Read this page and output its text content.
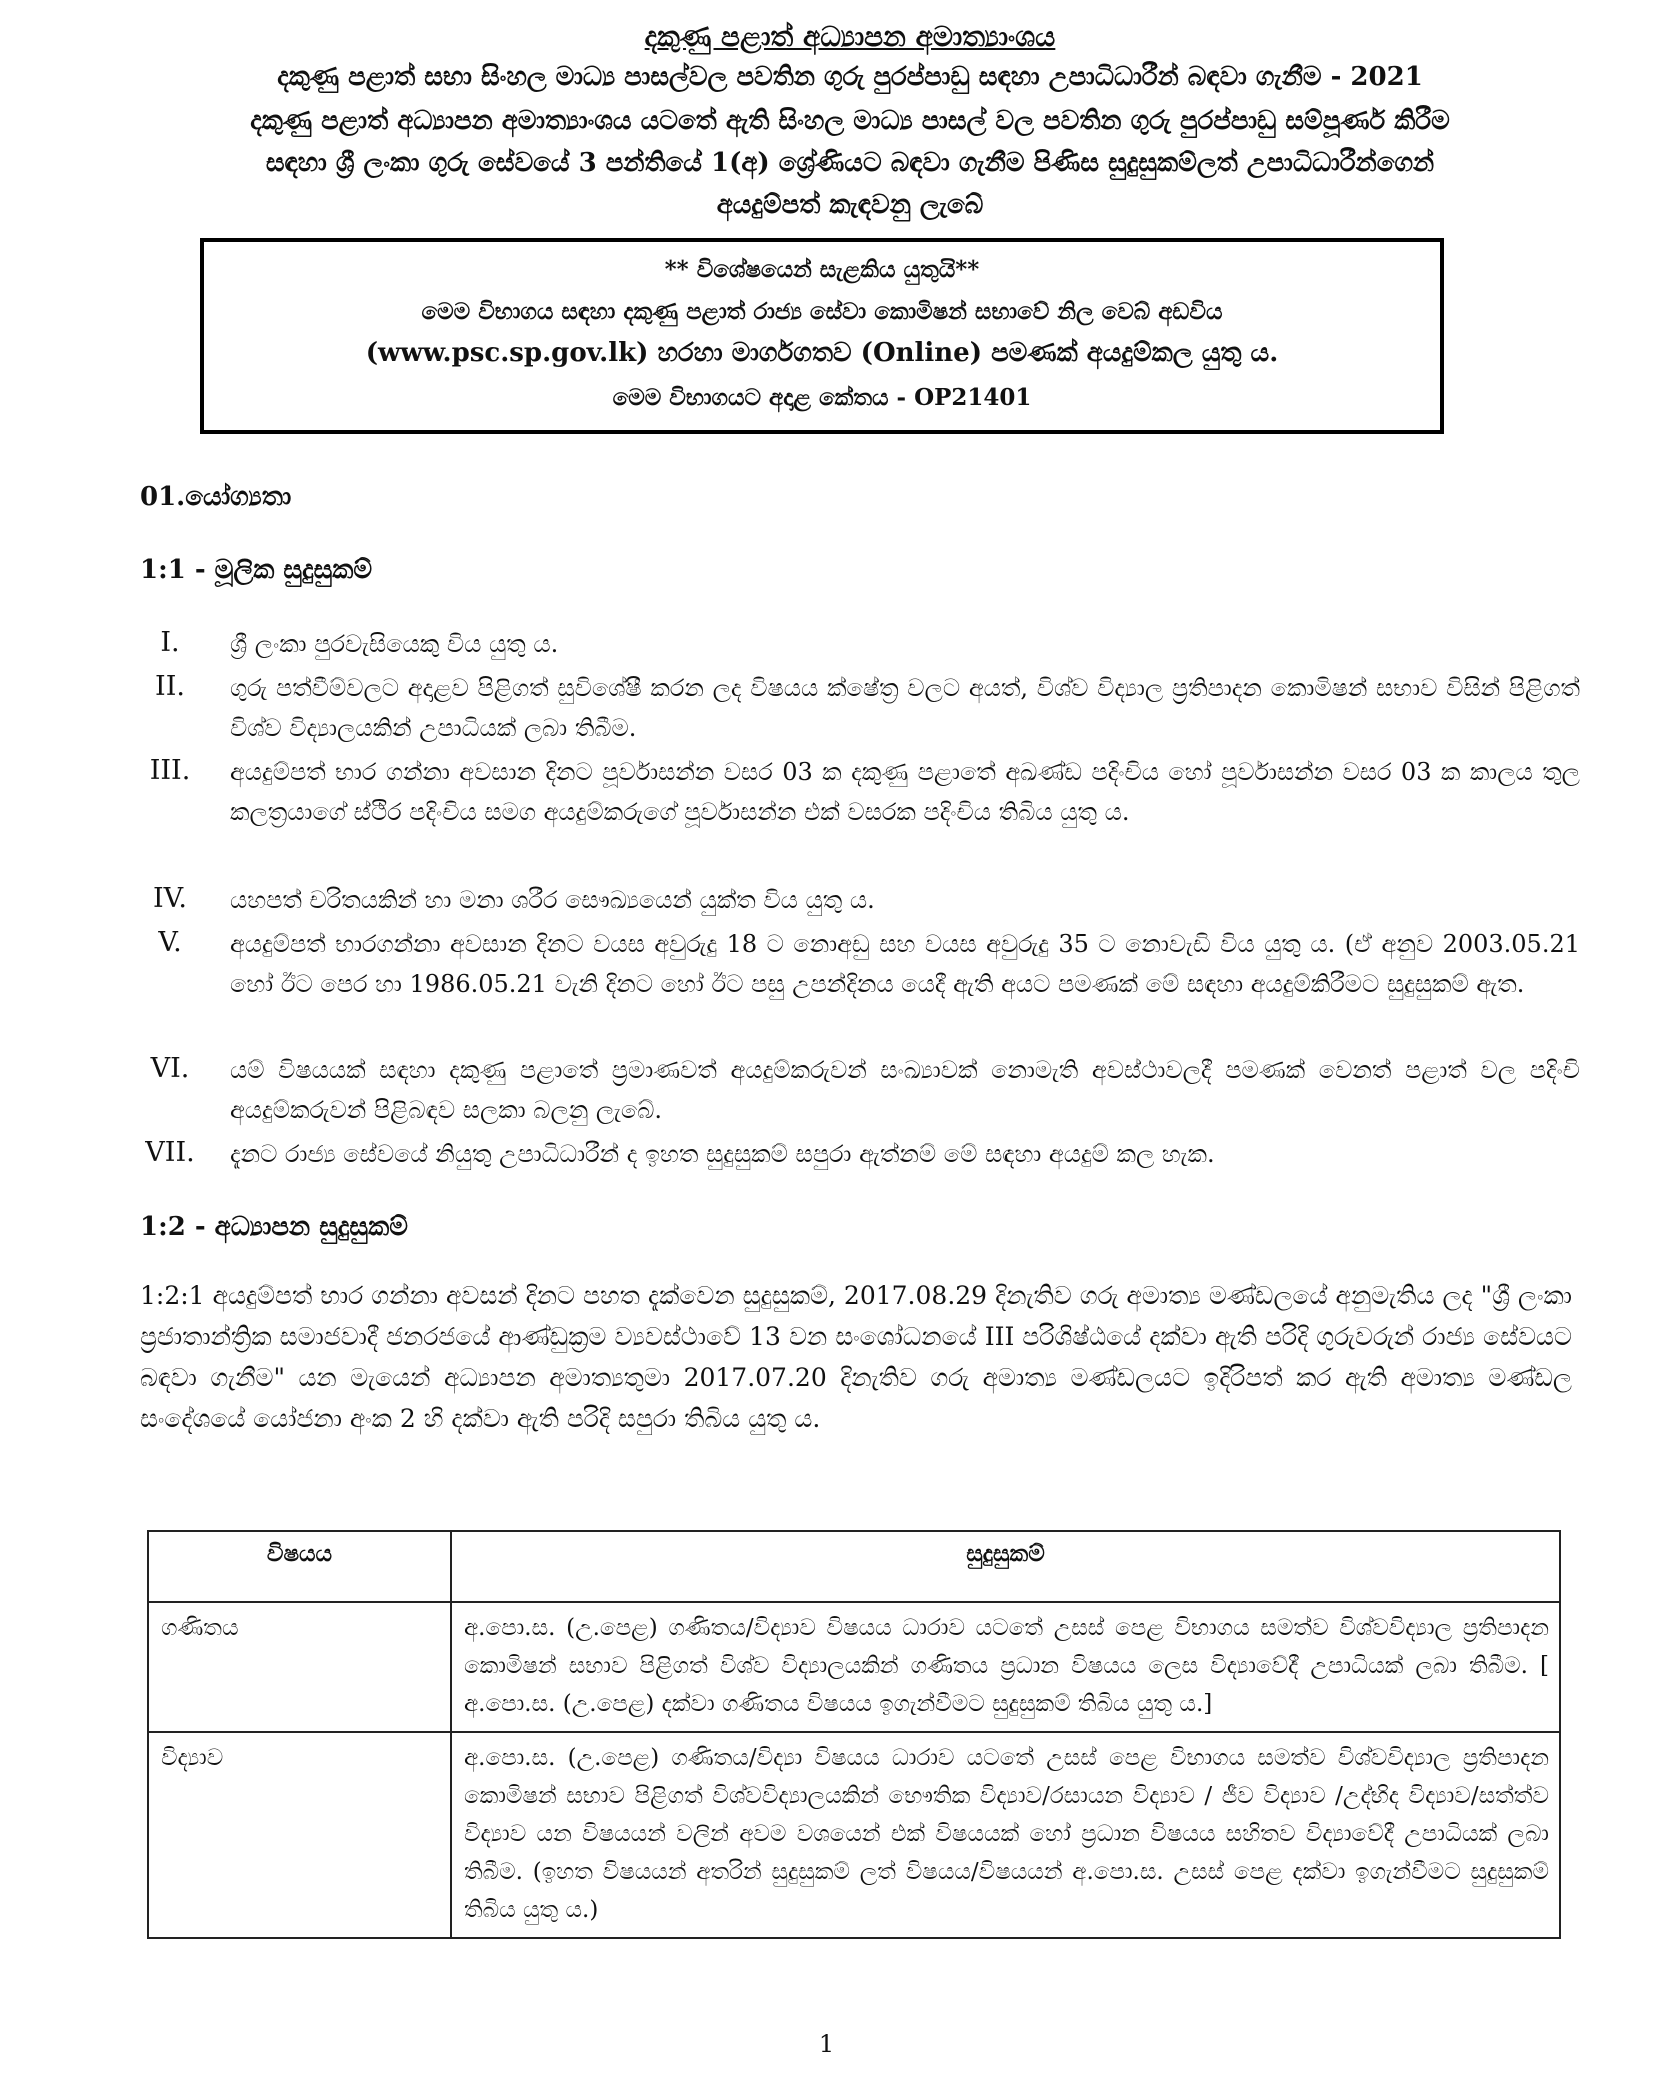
දකුණු පළාත් අධ්‍යාපන අමාත්‍යාංශය
දකුණු පළාත් සභා සිංහල මාධ්‍ය පාසල්වල පවතින ගුරු පුරප්පාඩු සඳහා උපාධිධාරීන් බඳවා ගැනීම - 2021
දකුණු පළාත් අධ්‍යාපන අමාත්‍යාංශය යටතේ ඇති සිංහල මාධ්‍ය පාසල් වල පවතින ගුරු පුරප්පාඩු සම්පූර්ණ කිරීම
සඳහා ශ්‍රී ලංකා ගුරු සේවයේ 3 පන්තියේ 1(අ) ශ්‍රේණියට බඳවා ගැනීම පිණිස සුදුසුකම්ලත් උපාධිධාරීන්ගෙන්
අයදුම්පත් කැඳවනු ලැබේ
** විශේෂයෙන් සැළකිය යුතුයි**
මෙම විභාගය සඳහා දකුණු පළාත් රාජ්‍ය සේවා කොමිෂන් සභාවේ නිල වෙබ් අඩවිය
(www.psc.sp.gov.lk) හරහා මාර්ගගතව (Online) පමණක් අයදුම්කල යුතු ය.
මෙම විභාගයට අදාළ කේතය - OP21401
01.යෝග්‍යතා
1:1 - මූලික සුදුසුකම්
I.	ශ්‍රී ලංකා පුරවැසියෙකු විය යුතු ය.
II.	ගුරු පත්වීම්වලට අදාළව පිළිගත් සුවිශේෂී කරන ලද විෂයය ක්ෂේත්‍ර වලට අයත්, විශ්ව විද්‍යාල ප්‍රතිපාදන කොමිෂන් සභාව විසින් පිළිගත් විශ්ව විද්‍යාලයකින් උපාධියක් ලබා තිබීම.
III.	අයදුම්පත් භාර ගන්නා අවසාන දිනට පූර්වාසන්න වසර 03 ක දකුණු පළාතේ අඛණ්ඩ පදිංචිය හෝ පූර්වාසන්න වසර 03 ක කාලය තුල කලත්‍රයාගේ ස්ථිර පදිංචිය සමග අයදුම්කරුගේ පූර්වාසන්න එක් වසරක පදිංචිය තිබිය යුතු ය.
IV.	යහපත් චරිතයකින් හා මනා ශරීර සෞඛ්‍යයෙන් යුක්ත විය යුතු ය.
V.	අයදුම්පත් භාරගන්නා අවසාන දිනට වයස අවුරුදු 18 ට නොඅඩු සහ වයස අවුරුදු 35 ට නොවැඩි විය යුතු ය. (ඒ අනුව 2003.05.21 හෝ ඊට පෙර හා 1986.05.21 වැනි දිනට හෝ ඊට පසු උපන්දිනය යෙදී ඇති අයට පමණක් මේ සඳහා අයදුම්කිරීමට සුදුසුකම් ඇත.
VI.	යම් විෂයයක් සඳහා දකුණු පළාතේ ප්‍රමාණවත් අයදුම්කරුවන් සංඛ්‍යාවක් නොමැති අවස්ථාවලදී පමණක් වෙනත් පළාත් වල පදිංචි අයදුම්කරුවන් පිළිබඳව සලකා බලනු ලැබේ.
VII.	දැනට රාජ්‍ය සේවයේ නියුතු උපාධිධාරීන් ද ඉහත සුදුසුකම් සපුරා ඇත්නම් මේ සඳහා අයදුම් කල හැක.
1:2 - අධ්‍යාපන සුදුසුකම්
1:2:1 අයදුම්පත් භාර ගන්නා අවසන් දිනට පහත දැක්වෙන සුදුසුකම්, 2017.08.29 දිනැතිව ගරු අමාත්‍ය මණ්ඩලයේ අනුමැතිය ලද "ශ්‍රී ලංකා ප්‍රජාතාන්ත්‍රික සමාජවාදී ජනරජයේ ආණ්ඩුක්‍රම ව්‍යවස්ථාවේ 13 වන සංශෝධනයේ III පරිශිෂ්ඨයේ දක්වා ඇති පරිදි ගුරුවරුන් රාජ්‍ය සේවයට බඳවා ගැනීම" යන මැයෙන් අධ්‍යාපන අමාත්‍යතුමා 2017.07.20 දිනැතිව ගරු අමාත්‍ය මණ්ඩලයට ඉදිරිපත් කර ඇති අමාත්‍ය මණ්ඩල සංදේශයේ යෝජනා අංක 2 හි දක්වා ඇති පරිදි සපුරා තිබිය යුතු ය.
විෂයය	සුදුසුකම්
ගණිතය	අ.පො.ස. (උ.පෙළ) ගණිතය/විද්‍යාව විෂයය ධාරාව යටතේ උසස් පෙළ විභාගය සමත්ව විශ්වවිද්‍යාල ප්‍රතිපාදන කොමිෂන් සභාව පිළිගත් විශ්ව විද්‍යාලයකින් ගණිතය ප්‍රධාන විෂයය ලෙස විද්‍යාවේදී උපාධියක් ලබා තිබීම. [ අ.පො.ස. (උ.පෙළ) දක්වා ගණිතය විෂයය ඉගැන්වීමට සුදුසුකම් තිබිය යුතු ය.]
විද්‍යාව	අ.පො.ස. (උ.පෙළ) ගණිතය/විද්‍යා විෂයය ධාරාව යටතේ උසස් පෙළ විභාගය සමත්ව විශ්වවිද්‍යාල ප්‍රතිපාදන කොමිෂන් සභාව පිළිගත් විශ්වවිද්‍යාලයකින් භෞතික විද්‍යාව/රසායන විද්‍යාව / ජීව විද්‍යාව /උද්භිද විද්‍යාව/සත්ත්ව විද්‍යාව යන විෂයයන් වලින් අවම වශයෙන් එක් විෂයයක් හෝ ප්‍රධාන විෂයය සහිතව විද්‍යාවේදී උපාධියක් ලබා තිබීම. (ඉහත විෂයයන් අතරින් සුදුසුකම් ලත් විෂයය/විෂයයන් අ.පො.ස. උසස් පෙළ දක්වා ඉගැන්වීමට සුදුසුකම් තිබිය යුතු ය.)
1
